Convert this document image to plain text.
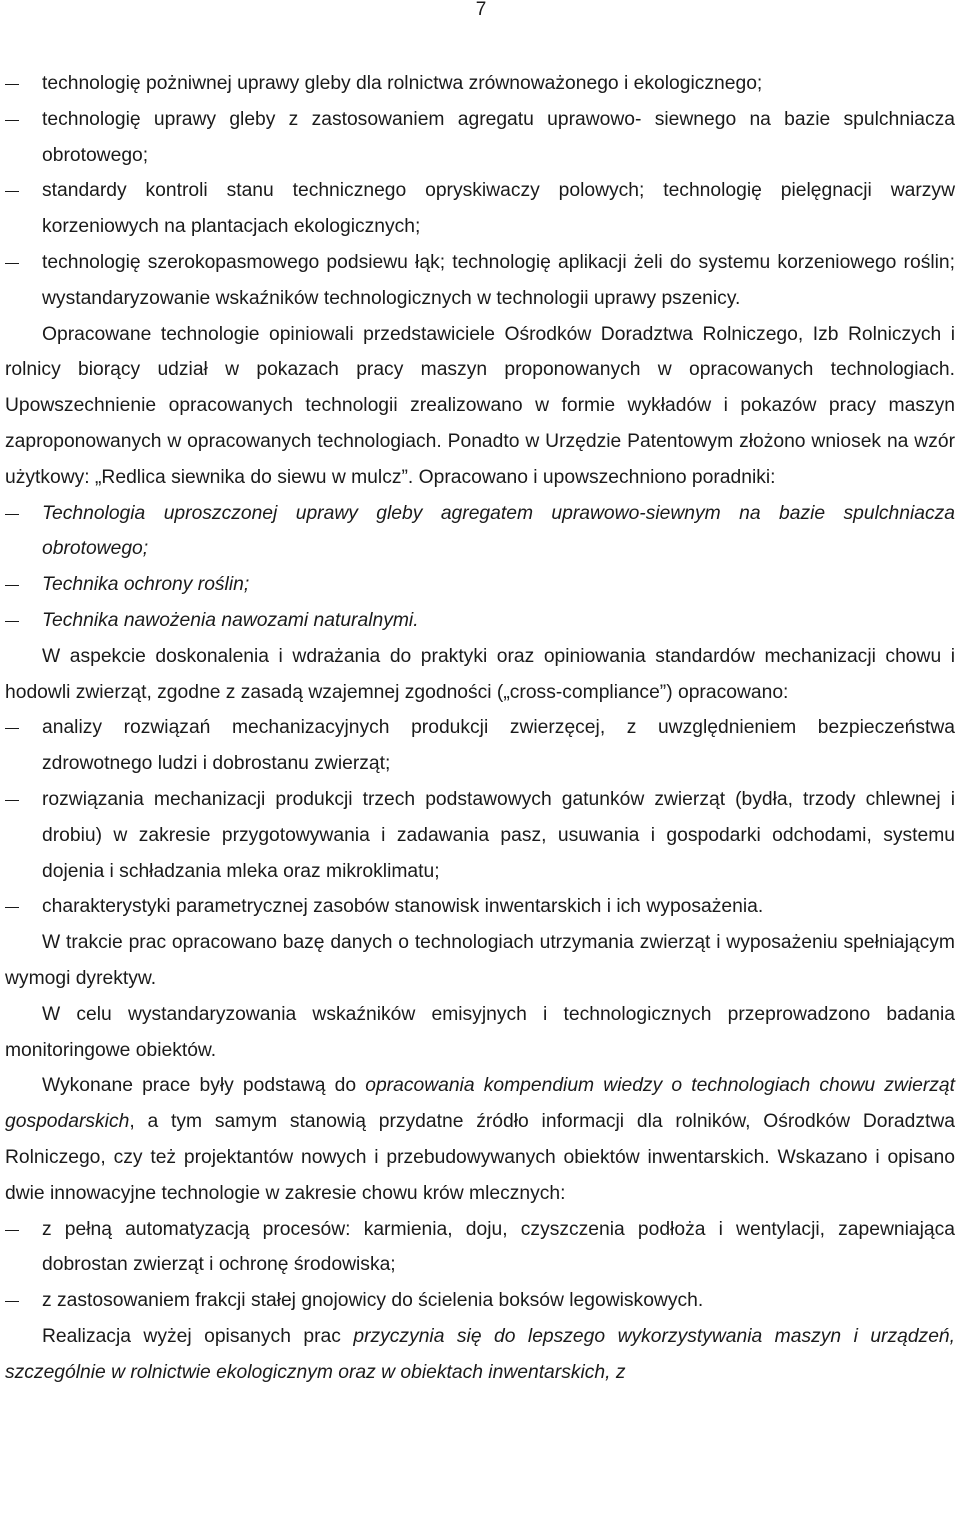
7
technologię pożniwnej uprawy gleby dla rolnictwa zrównoważonego i ekologicznego;
technologię uprawy gleby z zastosowaniem agregatu uprawowo- siewnego na bazie spulchniacza obrotowego;
standardy kontroli stanu technicznego opryskiwaczy polowych; technologię pielęgnacji warzyw korzeniowych na plantacjach ekologicznych;
technologię szerokopasmowego podsiewu łąk; technologię aplikacji żeli do systemu korzeniowego roślin; wystandaryzowanie wskaźników technologicznych w technologii uprawy pszenicy.

Opracowane technologie opiniowali przedstawiciele Ośrodków Doradztwa Rolniczego, Izb Rolniczych i rolnicy biorący udział w pokazach pracy maszyn proponowanych w opracowanych technologiach. Upowszechnienie opracowanych technologii zrealizowano w formie wykładów i pokazów pracy maszyn zaproponowanych w opracowanych technologiach. Ponadto w Urzędzie Patentowym złożono wniosek na wzór użytkowy: „Redlica siewnika do siewu w mulcz”. Opracowano i upowszechniono poradniki:

Technologia uproszczonej uprawy gleby agregatem uprawowo-siewnym na bazie spulchniacza obrotowego;
Technika ochrony roślin;
Technika nawożenia nawozami naturalnymi.

W aspekcie doskonalenia i wdrażania do praktyki oraz opiniowania standardów mechanizacji chowu i hodowli zwierząt, zgodne z zasadą wzajemnej zgodności („cross-compliance”) opracowano:

analizy rozwiązań mechanizacyjnych produkcji zwierzęcej, z uwzględnieniem bezpieczeństwa zdrowotnego ludzi i dobrostanu zwierząt;
rozwiązania mechanizacji produkcji trzech podstawowych gatunków zwierząt (bydła, trzody chlewnej i drobiu) w zakresie przygotowywania i zadawania pasz, usuwania i gospodarki odchodami, systemu dojenia i schładzania mleka oraz mikroklimatu;
charakterystyki parametrycznej zasobów stanowisk inwentarskich i ich wyposażenia.

W trakcie prac opracowano bazę danych o technologiach utrzymania zwierząt i wyposażeniu spełniającym wymogi dyrektyw.

W celu wystandaryzowania wskaźników emisyjnych i technologicznych przeprowadzono badania monitoringowe obiektów.

Wykonane prace były podstawą do opracowania kompendium wiedzy o technologiach chowu zwierząt gospodarskich, a tym samym stanowią przydatne źródło informacji dla rolników, Ośrodków Doradztwa Rolniczego, czy też projektantów nowych i przebudowywanych obiektów inwentarskich. Wskazano i opisano dwie innowacyjne technologie w zakresie chowu krów mlecznych:

z pełną automatyzacją procesów: karmienia, doju, czyszczenia podłoża i wentylacji, zapewniająca dobrostan zwierząt i ochronę środowiska;
z zastosowaniem frakcji stałej gnojowicy do ścielenia boksów legowiskowych.

Realizacja wyżej opisanych prac przyczynia się do lepszego wykorzystywania maszyn i urządzeń, szczególnie w rolnictwie ekologicznym oraz w obiektach inwentarskich, z
